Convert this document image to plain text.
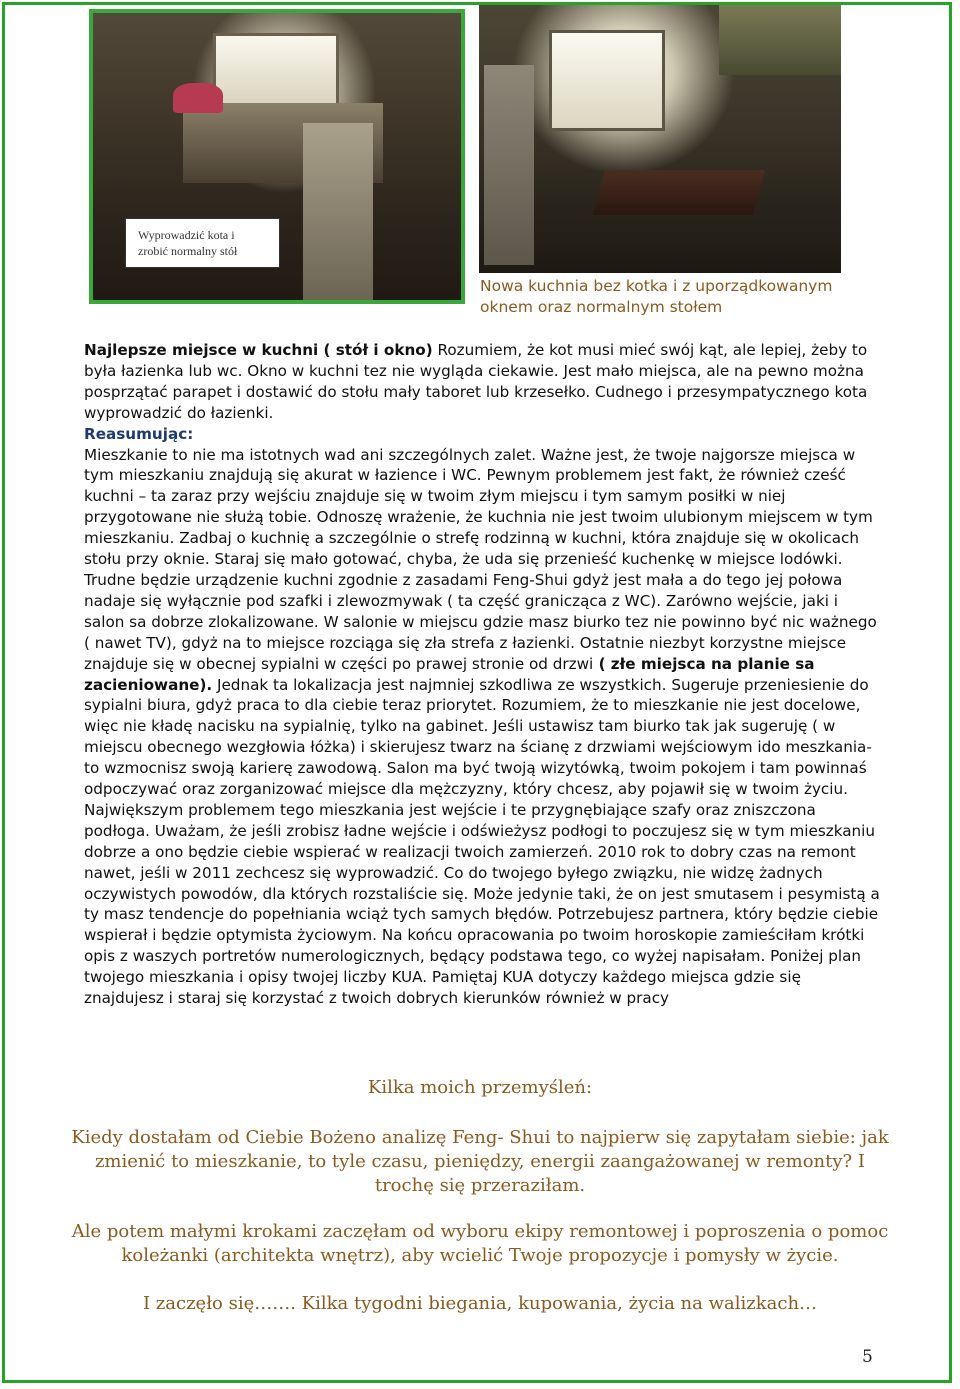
Wyprowadzić kota i zrobić normalny stół
Nowa kuchnia bez kotka i z uporządkowanym oknem oraz normalnym stołem

Najlepsze miejsce w kuchni ( stół i okno) Rozumiem, że kot musi mieć swój kąt, ale lepiej, żeby to była łazienka lub wc. Okno w kuchni tez nie wygląda ciekawie. Jest mało miejsca, ale na pewno można posprzątać parapet i dostawić do stołu mały taboret lub krzesełko. Cudnego i przesympatycznego kota wyprowadzić do łazienki.

Reasumując:

Mieszkanie to nie ma istotnych wad ani szczególnych zalet. Ważne jest, że twoje najgorsze miejsca w tym mieszkaniu znajdują się akurat w łazience i WC. Pewnym problemem jest fakt, że również cześć kuchni – ta zaraz przy wejściu znajduje się w twoim złym miejscu i tym samym posiłki w niej przygotowane nie służą tobie. Odnoszę wrażenie, że kuchnia nie jest twoim ulubionym miejscem w tym mieszkaniu. Zadbaj o kuchnię a szczególnie o strefę rodzinną w kuchni, która znajduje się w okolicach stołu przy oknie. Staraj się mało gotować, chyba, że uda się przenieść kuchenkę w miejsce lodówki. Trudne będzie urządzenie kuchni zgodnie z zasadami Feng-Shui gdyż jest mała a do tego jej połowa nadaje się wyłącznie pod szafki i zlewozmywak ( ta część granicząca z WC). Zarówno wejście, jaki i salon sa dobrze zlokalizowane. W salonie w miejscu gdzie masz biurko tez nie powinno być nic ważnego ( nawet TV), gdyż na to miejsce rozciąga się zła strefa z łazienki. Ostatnie niezbyt korzystne miejsce znajduje się w obecnej sypialni w części po prawej stronie od drzwi ( złe miejsca na planie sa zacieniowane). Jednak ta lokalizacja jest najmniej szkodliwa ze wszystkich. Sugeruje przeniesienie do sypialni biura, gdyż praca to dla ciebie teraz priorytet. Rozumiem, że to mieszkanie nie jest docelowe, więc nie kładę nacisku na sypialnię, tylko na gabinet. Jeśli ustawisz tam biurko tak jak sugeruję ( w miejscu obecnego wezgłowia łóżka) i skierujesz twarz na ścianę z drzwiami wejściowym ido meszkania- to wzmocnisz swoją karierę zawodową. Salon ma być twoją wizytówką, twoim pokojem i tam powinnaś odpoczywać oraz zorganizować miejsce dla mężczyzny, który chcesz, aby pojawił się w twoim życiu.

Największym problemem tego mieszkania jest wejście i te przygnębiające szafy oraz zniszczona podłoga. Uważam, że jeśli zrobisz ładne wejście i odświeżysz podłogi to poczujesz się w tym mieszkaniu dobrze a ono będzie ciebie wspierać w realizacji twoich zamierzeń. 2010 rok to dobry czas na remont nawet, jeśli w 2011 zechcesz się wyprowadzić. Co do twojego byłego związku, nie widzę żadnych oczywistych powodów, dla których rozstaliście się. Może jedynie taki, że on jest smutasem i pesymistą a ty masz tendencje do popełniania wciąż tych samych błędów. Potrzebujesz partnera, który będzie ciebie wspierał i będzie optymista życiowym. Na końcu opracowania po twoim horoskopie zamieściłam krótki opis z waszych portretów numerologicznych, będący podstawa tego, co wyżej napisałam. Poniżej plan twojego mieszkania i opisy twojej liczby KUA. Pamiętaj KUA dotyczy każdego miejsca gdzie się znajdujesz i staraj się korzystać z twoich dobrych kierunków również w pracy

Kilka moich przemyśleń:
Kiedy dostałam od Ciebie Bożeno analizę Feng- Shui to najpierw się zapytałam siebie: jak zmienić to mieszkanie, to tyle czasu, pieniędzy, energii zaangażowanej w remonty? I trochę się przeraziłam.
Ale potem małymi krokami zaczęłam od wyboru ekipy remontowej i poproszenia o pomoc koleżanki (architekta wnętrz), aby wcielić Twoje propozycje i pomysły w życie.
I zaczęło się……. Kilka tygodni biegania, kupowania, życia na walizkach…
5
